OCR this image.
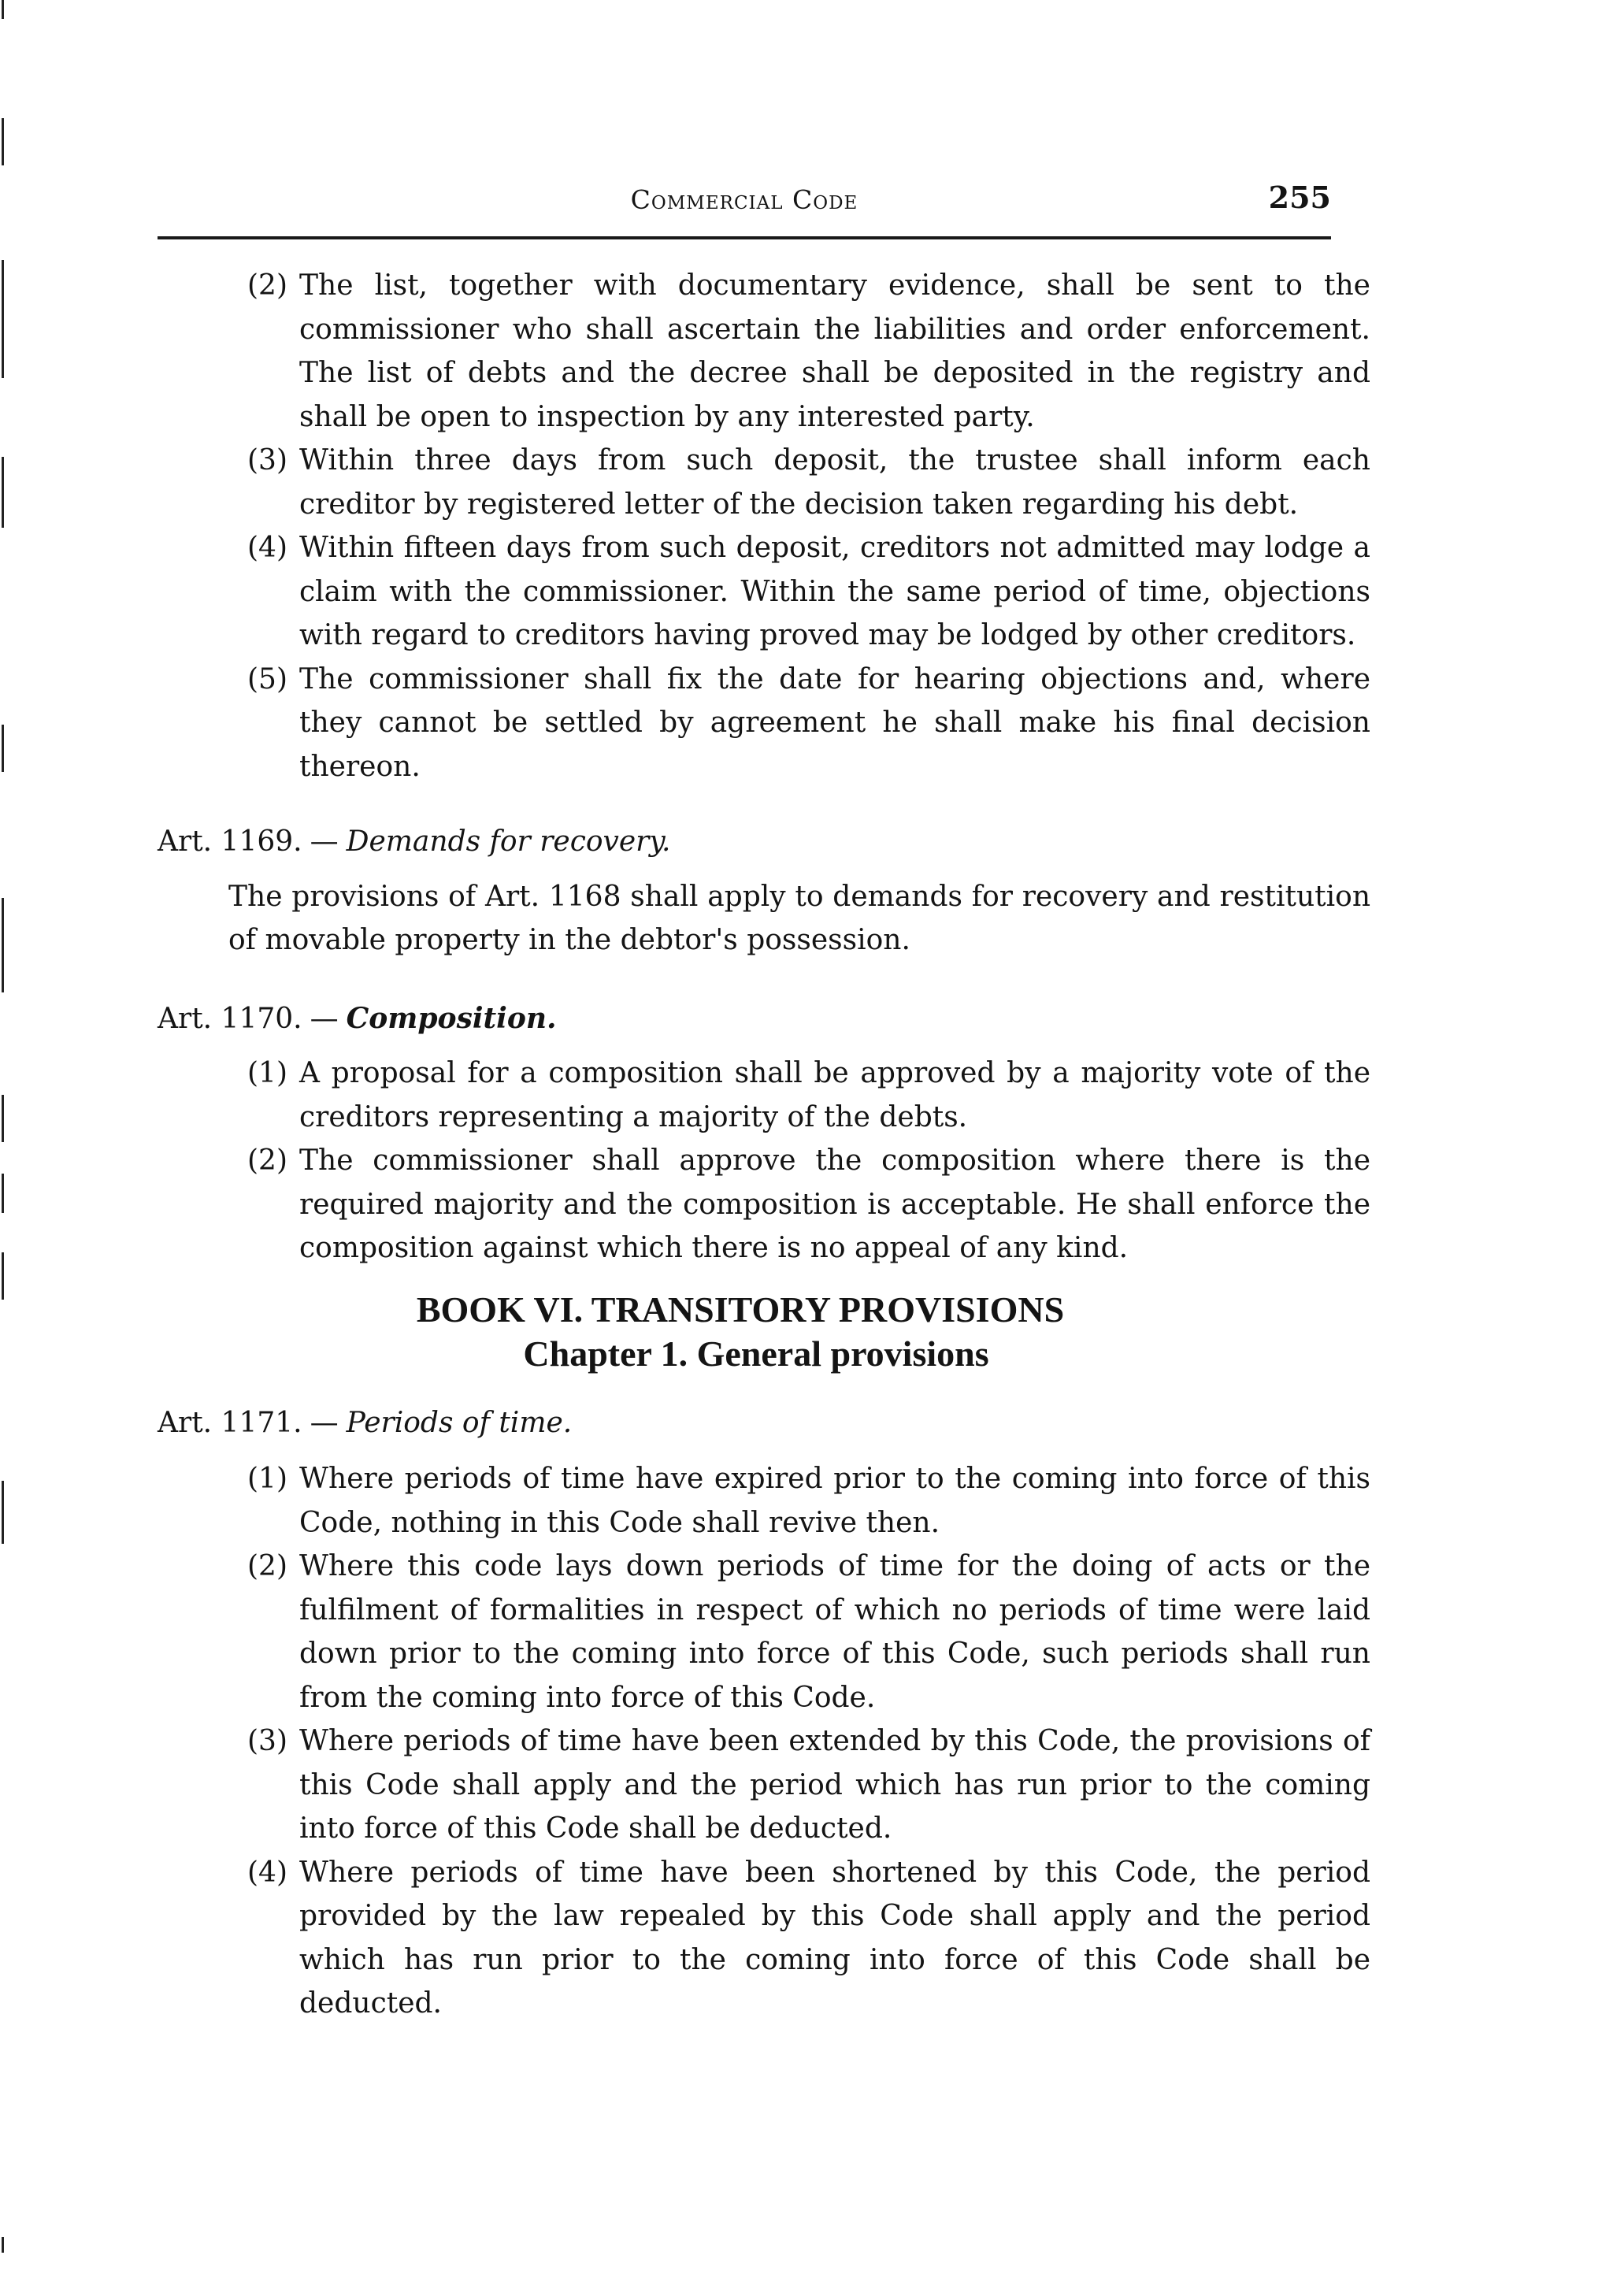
Commercial Code	255
(2) The list, together with documentary evidence, shall be sent to the commissioner who shall ascertain the liabilities and order enforcement. The list of debts and the decree shall be deposited in the registry and shall be open to inspection by any interested party.
(3) Within three days from such deposit, the trustee shall inform each creditor by registered letter of the decision taken regarding his debt.
(4) Within fifteen days from such deposit, creditors not admitted may lodge a claim with the commissioner. Within the same period of time, objections with regard to creditors having proved may be lodged by other creditors.
(5) The commissioner shall fix the date for hearing objections and, where they cannot be settled by agreement he shall make his final decision thereon.
Art. 1169. — Demands for recovery.
The provisions of Art. 1168 shall apply to demands for recovery and restitution of movable property in the debtor's possession.
Art. 1170. — Composition.
(1) A proposal for a composition shall be approved by a majority vote of the creditors representing a majority of the debts.
(2) The commissioner shall approve the composition where there is the required majority and the composition is acceptable. He shall enforce the composition against which there is no appeal of any kind.
BOOK VI. TRANSITORY PROVISIONS
Chapter 1. General provisions
Art. 1171. — Periods of time.
(1) Where periods of time have expired prior to the coming into force of this Code, nothing in this Code shall revive then.
(2) Where this code lays down periods of time for the doing of acts or the fulfilment of formalities in respect of which no periods of time were laid down prior to the coming into force of this Code, such periods shall run from the coming into force of this Code.
(3) Where periods of time have been extended by this Code, the provisions of this Code shall apply and the period which has run prior to the coming into force of this Code shall be deducted.
(4) Where periods of time have been shortened by this Code, the period provided by the law repealed by this Code shall apply and the period which has run prior to the coming into force of this Code shall be deducted.
